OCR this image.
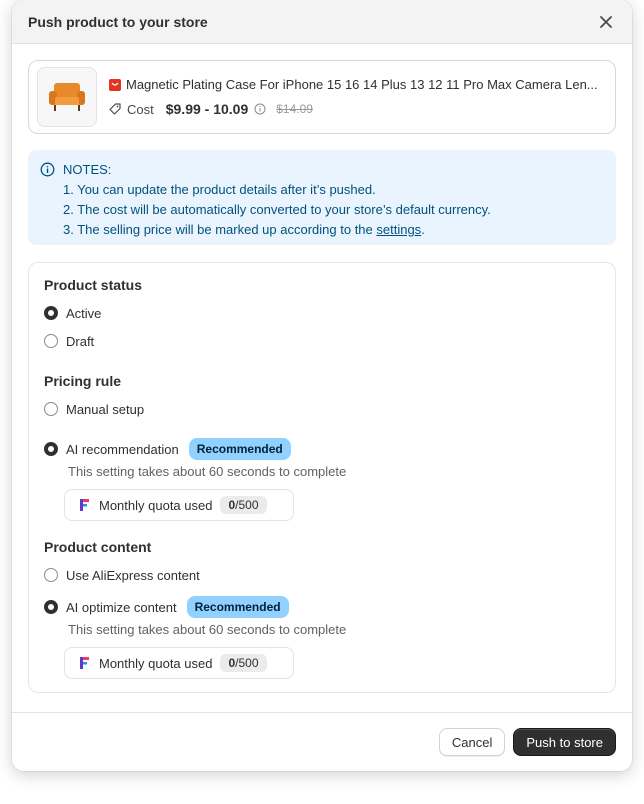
Push product to your store
Magnetic Plating Case For iPhone 15 16 14 Plus 13 12 11 Pro Max Camera Len...
Cost $9.99 - 10.09 $14.09
NOTES:
1. You can update the product details after it’s pushed.
2. The cost will be automatically converted to your store’s default currency.
3. The selling price will be marked up according to the settings.
Product status
Active
Draft
Pricing rule
Manual setup
AI recommendation	Recommended
This setting takes about 60 seconds to complete
Monthly quota used	0/500
Product content
Use AliExpress content
AI optimize content	Recommended
This setting takes about 60 seconds to complete
Monthly quota used	0/500
Cancel	Push to store
